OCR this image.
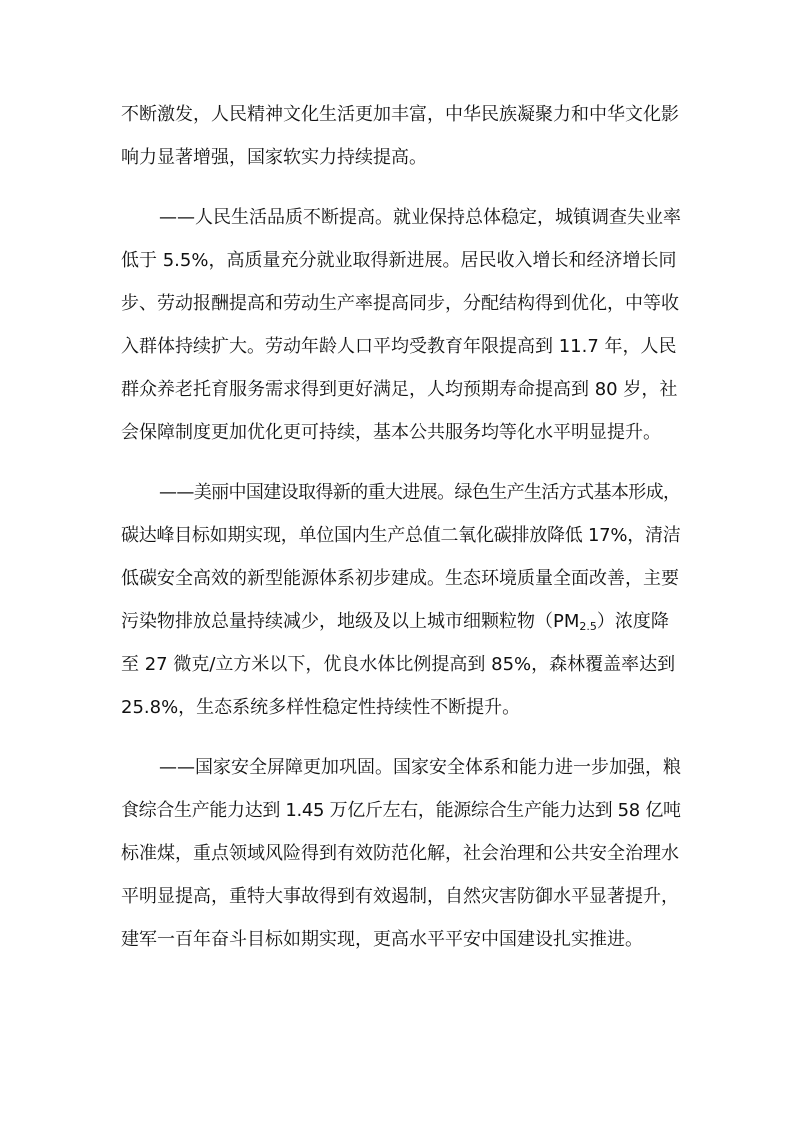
不断激发，人民精神文化生活更加丰富，中华民族凝聚力和中华文化影
响力显著增强，国家软实力持续提高。
——人民生活品质不断提高。就业保持总体稳定，城镇调查失业率
低于 5.5%，高质量充分就业取得新进展。居民收入增长和经济增长同
步、劳动报酬提高和劳动生产率提高同步，分配结构得到优化，中等收
入群体持续扩大。劳动年龄人口平均受教育年限提高到 11.7 年，人民
群众养老托育服务需求得到更好满足，人均预期寿命提高到 80 岁，社
会保障制度更加优化更可持续，基本公共服务均等化水平明显提升。
——美丽中国建设取得新的重大进展。绿色生产生活方式基本形成，
碳达峰目标如期实现，单位国内生产总值二氧化碳排放降低 17%，清洁
低碳安全高效的新型能源体系初步建成。生态环境质量全面改善，主要
污染物排放总量持续减少，地级及以上城市细颗粒物$(PM_{2.5})$浓度降
至 27 微克/立方米以下，优良水体比例提高到 85%，森林覆盖率达到
25.8%，生态系统多样性稳定性持续性不断提升。
——国家安全屏障更加巩固。国家安全体系和能力进一步加强，粮
食综合生产能力达到 1.45 万亿斤左右，能源综合生产能力达到 58 亿吨
标准煤，重点领域风险得到有效防范化解，社会治理和公共安全治理水
平明显提高，重特大事故得到有效遏制，自然灾害防御水平显著提升，
建军一百年奋斗目标如期实现，更高水平平安中国建设扎实推进。
